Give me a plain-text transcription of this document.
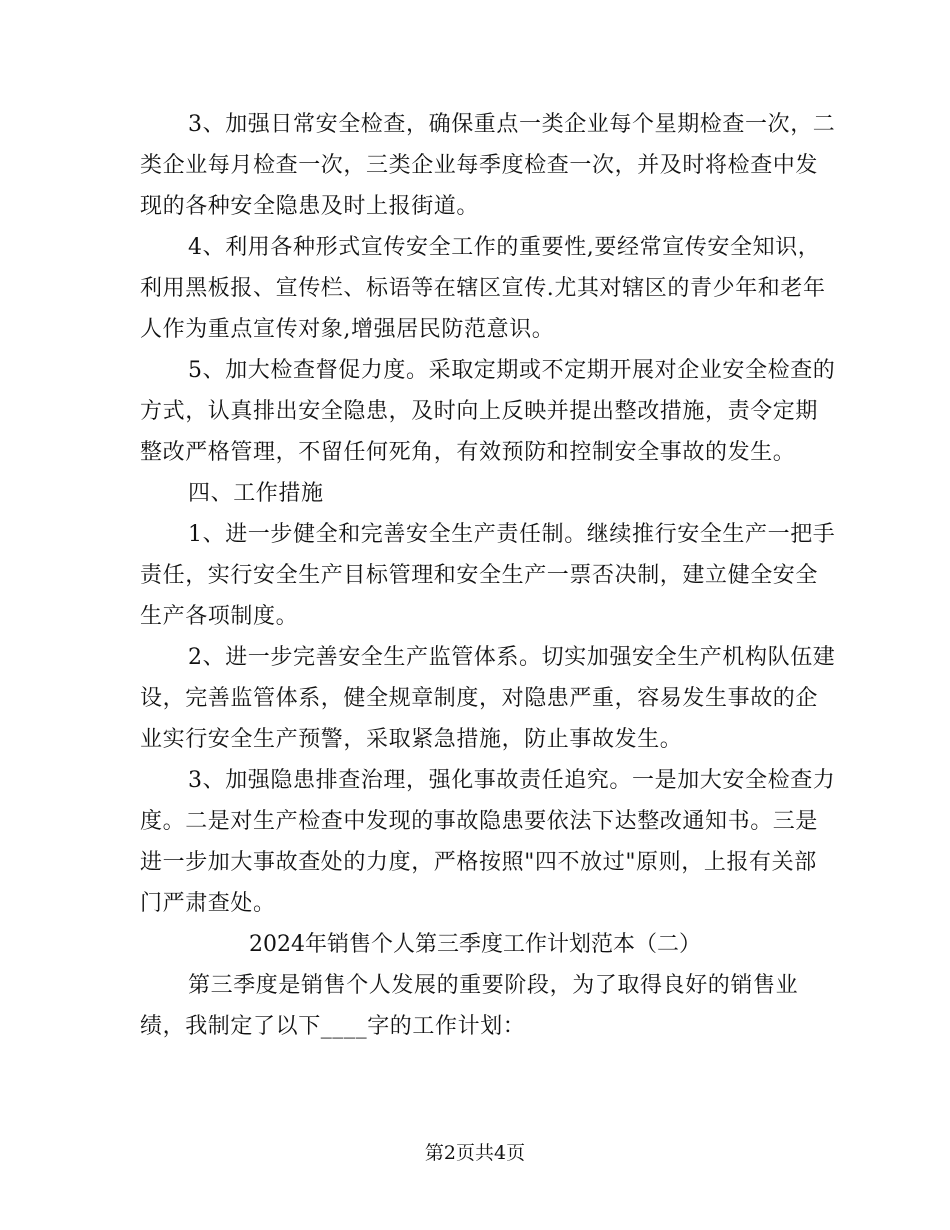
3、加强日常安全检查，确保重点一类企业每个星期检查一次，二
类企业每月检查一次，三类企业每季度检查一次，并及时将检查中发
现的各种安全隐患及时上报街道。
4、利用各种形式宣传安全工作的重要性,要经常宣传安全知识，
利用黑板报、宣传栏、标语等在辖区宣传.尤其对辖区的青少年和老年
人作为重点宣传对象,增强居民防范意识。
5、加大检查督促力度。采取定期或不定期开展对企业安全检查的
方式，认真排出安全隐患，及时向上反映并提出整改措施，责令定期
整改严格管理，不留任何死角，有效预防和控制安全事故的发生。
四、工作措施
1、进一步健全和完善安全生产责任制。继续推行安全生产一把手
责任，实行安全生产目标管理和安全生产一票否决制，建立健全安全
生产各项制度。
2、进一步完善安全生产监管体系。切实加强安全生产机构队伍建
设，完善监管体系，健全规章制度，对隐患严重，容易发生事故的企
业实行安全生产预警，采取紧急措施，防止事故发生。
3、加强隐患排查治理，强化事故责任追究。一是加大安全检查力
度。二是对生产检查中发现的事故隐患要依法下达整改通知书。三是
进一步加大事故查处的力度，严格按照"四不放过"原则，上报有关部
门严肃查处。
2024年销售个人第三季度工作计划范本（二）
第三季度是销售个人发展的重要阶段，为了取得良好的销售业
绩，我制定了以下____字的工作计划：
第2页共4页
